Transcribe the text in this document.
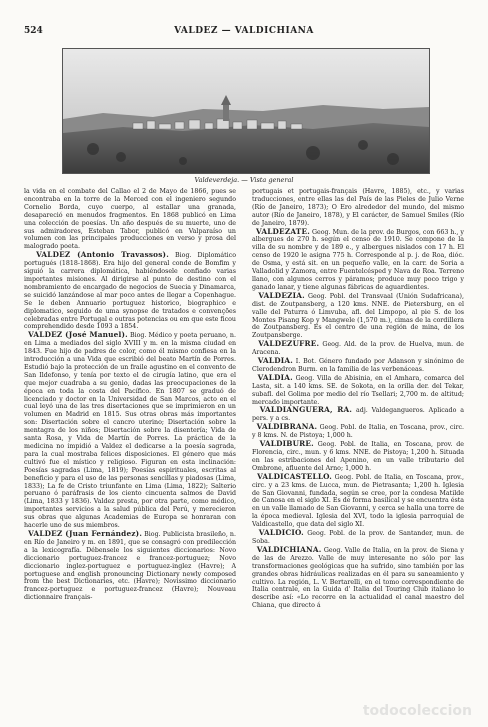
524	VALDEZ — VALDICHIANA
Valdeverdeja. — Vista general

la vida en el combate del Callao el 2 de Mayo de 1866, pues se encontraba en la torre de la Merced con el ingeniero segundo Cornelio Borda, cuyo cuerpo, al estallar una granada, desapareció en menudos fragmentos. En 1868 publicó en Lima una colección de poesías. Un año después de su muerte, uno de sus admiradores, Esteban Tabor, publicó en Valparaíso un volumen con las principales producciones en verso y prosa del malogrado poeta.

VALDEZ (Antonio Travassos). Biog. Diplomático portugués (1818-1868). Era hijo del general conde de Bomfim y siguió la carrera diplomática, habiéndosele confiado varias importantes misiones. Al dirigirse al punto de destino con el nombramiento de encargado de negocios de Suecia y Dinamarca, se suicidó lanzándose al mar poco antes de llegar a Copenhague. Se le deben Annuario portuguez historico, biographico e diplomatico, seguido de uma synopse de tratados e convenções celebradas entre Portugal e outras potencias ou em que este ficou comprehendido desde 1093 a 1854.

VALDEZ (José Manuel). Biog. Médico y poeta peruano, n. en Lima a mediados del siglo XVIII y m. en la misma ciudad en 1843. Fue hijo de padres de color, como él mismo confiesa en la introducción a una Vida que escribió del beato Martín de Porres. Estudió bajo la protección de un fraile agustino en el convento de San Ildefonso, y tenía por texto el de cirugía latino, que era el que mejor cuadraba a su genio, dadas las preocupaciones de la época en toda la costa del Pacífico. En 1807 se graduó de licenciado y doctor en la Universidad de San Marcos, acto en el cual leyó una de las tres disertaciones que se imprimieron en un volumen en Madrid en 1815. Sus otras obras más importantes son: Disertación sobre el cancro uterino; Disertación sobre la mentagra de los niños; Disertación sobre la disentería; Vida de santa Rosa, y Vida de Martín de Porres. La práctica de la medicina no impidió a Valdez el dedicarse a la poesía sagrada, para la cual mostraba felices disposiciones. El género que más cultivó fue el místico y religioso. Figuran en esta inclinación: Poesías sagradas (Lima, 1819); Poesías espirituales, escritas al beneficio y para el uso de las personas sencillas y piadosas (Lima, 1833); La fe de Cristo triunfante en Lima (Lima, 1822); Salterio peruano ó paráfrasis de los ciento cincuenta salmos de David (Lima, 1833 y 1836). Valdez presta, por otra parte, como médico, importantes servicios a la salud pública del Perú, y merecieron sus obras que algunas Academias de Europa se honraran con hacerle uno de sus miembros.

VALDEZ (Juan Fernández). Biog. Publicista brasileño, n. en Río de Janeiro y m. en 1891, que se consagró con predilección a la lexicografía. Débensele los siguientes diccionarios: Novo diccionario portuguez-francez e francez-portuguez; Novo diccionario inglez-portuguez e portuguez-inglez (Havre); A portuguese and english pronouncing Dictionary newly composed from the best Dictionaries, etc. (Havre); Novissimo diccionario francez-portuguez e portuguez-francez (Havre); Nouveau dictionnaire français-

portugais et portugais-français (Havre, 1885), etc., y varias traducciones, entre ellas las del País de las Pieles de Julio Verne (Río de Janeiro, 1873); O Ero alrededor del mundo, del mismo autor (Río de Janeiro, 1878), y El carácter, de Samuel Smiles (Río de Janeiro, 1879).

VALDEZATE. Geog. Mun. de la prov. de Burgos, con 663 h., y albergues de 270 h. según el censo de 1910. Se compone de la villa de su nombre y de 189 e., y albergues nislados con 17 h. El censo de 1920 le asigna 775 h. Corresponde al p. j. de Roa, dióc. de Osma, y está sit. en un pequeño valle, en la carr. de Soria a Valladolid y Zamora, entre Fuentelcésped y Nava de Roa. Terreno llano, con algunos cerros y páramos; produce muy poco trigo y ganado lanar, y tiene algunas fábricas de aguardientes.

VALDEZIA. Geog. Pobl. del Transvaal (Unión Sudafricana), dist. de Zoutpansberg, a 120 kms. NNE. de Pietersburg, en el valle del Paturra ó Limvuba, afl. del Limpopo, al pie S. de los Montes Pisang Kop y Mangwele (1,570 m.), cimas de la cordillera de Zoutpansberg. Es el centro de una región de mina, de los Zoutpansberge.

VALDEZUFRE. Geog. Ald. de la prov. de Huelva, mun. de Aracena.

VALDIA. I. Bot. Género fundado por Adanson y sinónimo de Clerodendron Burm. en la familia de las verbenáceas.

VALDIA. Geog. Villa de Abisinia, en el Amhara, comarca del Lasta, sit. a 140 kms. SE. de Sokota, en la orilla der. del Tekar, subafl. del Golima por medio del río Tsellari; 2,700 m. de altitud; mercado importante.

VALDIANGUERA, RA. adj. Valdegangueros. Aplicado a pers. y a cs.

VALDIBRANA. Geog. Pobl. de Italia, en Toscana, prov., circ. y 8 kms. N. de Pistoya; 1,000 h.

VALDIBURE. Geog. Pobl. de Italia, en Toscana, prov. de Florencia, circ., mun. y 6 kms. NNE. de Pistoya; 1,200 h. Situada en las estribaciones del Apenino, en un valle tributario del Ombrone, afluente del Arno; 1,000 h.

VALDICASTELLO. Geog. Pobl. de Italia, en Toscana, prov., circ. y a 23 kms. de Lucca, mun. de Pietrasanta; 1,200 h. Iglesia de San Giovanni, fundada, según se cree, por la condesa Matilde de Canosa en el siglo XI. Es de forma basilical y se encuentra ésta en un valle llamado de San Giovanni, y cerca se halla una torre de la época medieval. Iglesia del XVI, todo la iglesia parroquial de Valdicastello, que data del siglo XI.

VALDICIO. Geog. Pobl. de la prov. de Santander, mun. de Soba.

VALDICHIANA. Geog. Valle de Italia, en la prov. de Siena y de las de Arezzo. Valle de muy interesante no sólo por las transformaciones geológicas que ha sufrido, sino también por las grandes obras hidráulicas realizadas en él para su saneamiento y cultivo. La región, L. V. Bertarelli, en el tomo correspondiente de Italia centrale, en la Guida d' Italia del Touring Club italiano lo describe así: «Lo recorre en la actualidad el canal maestro del Chiana, que directo á

todocoleccion
